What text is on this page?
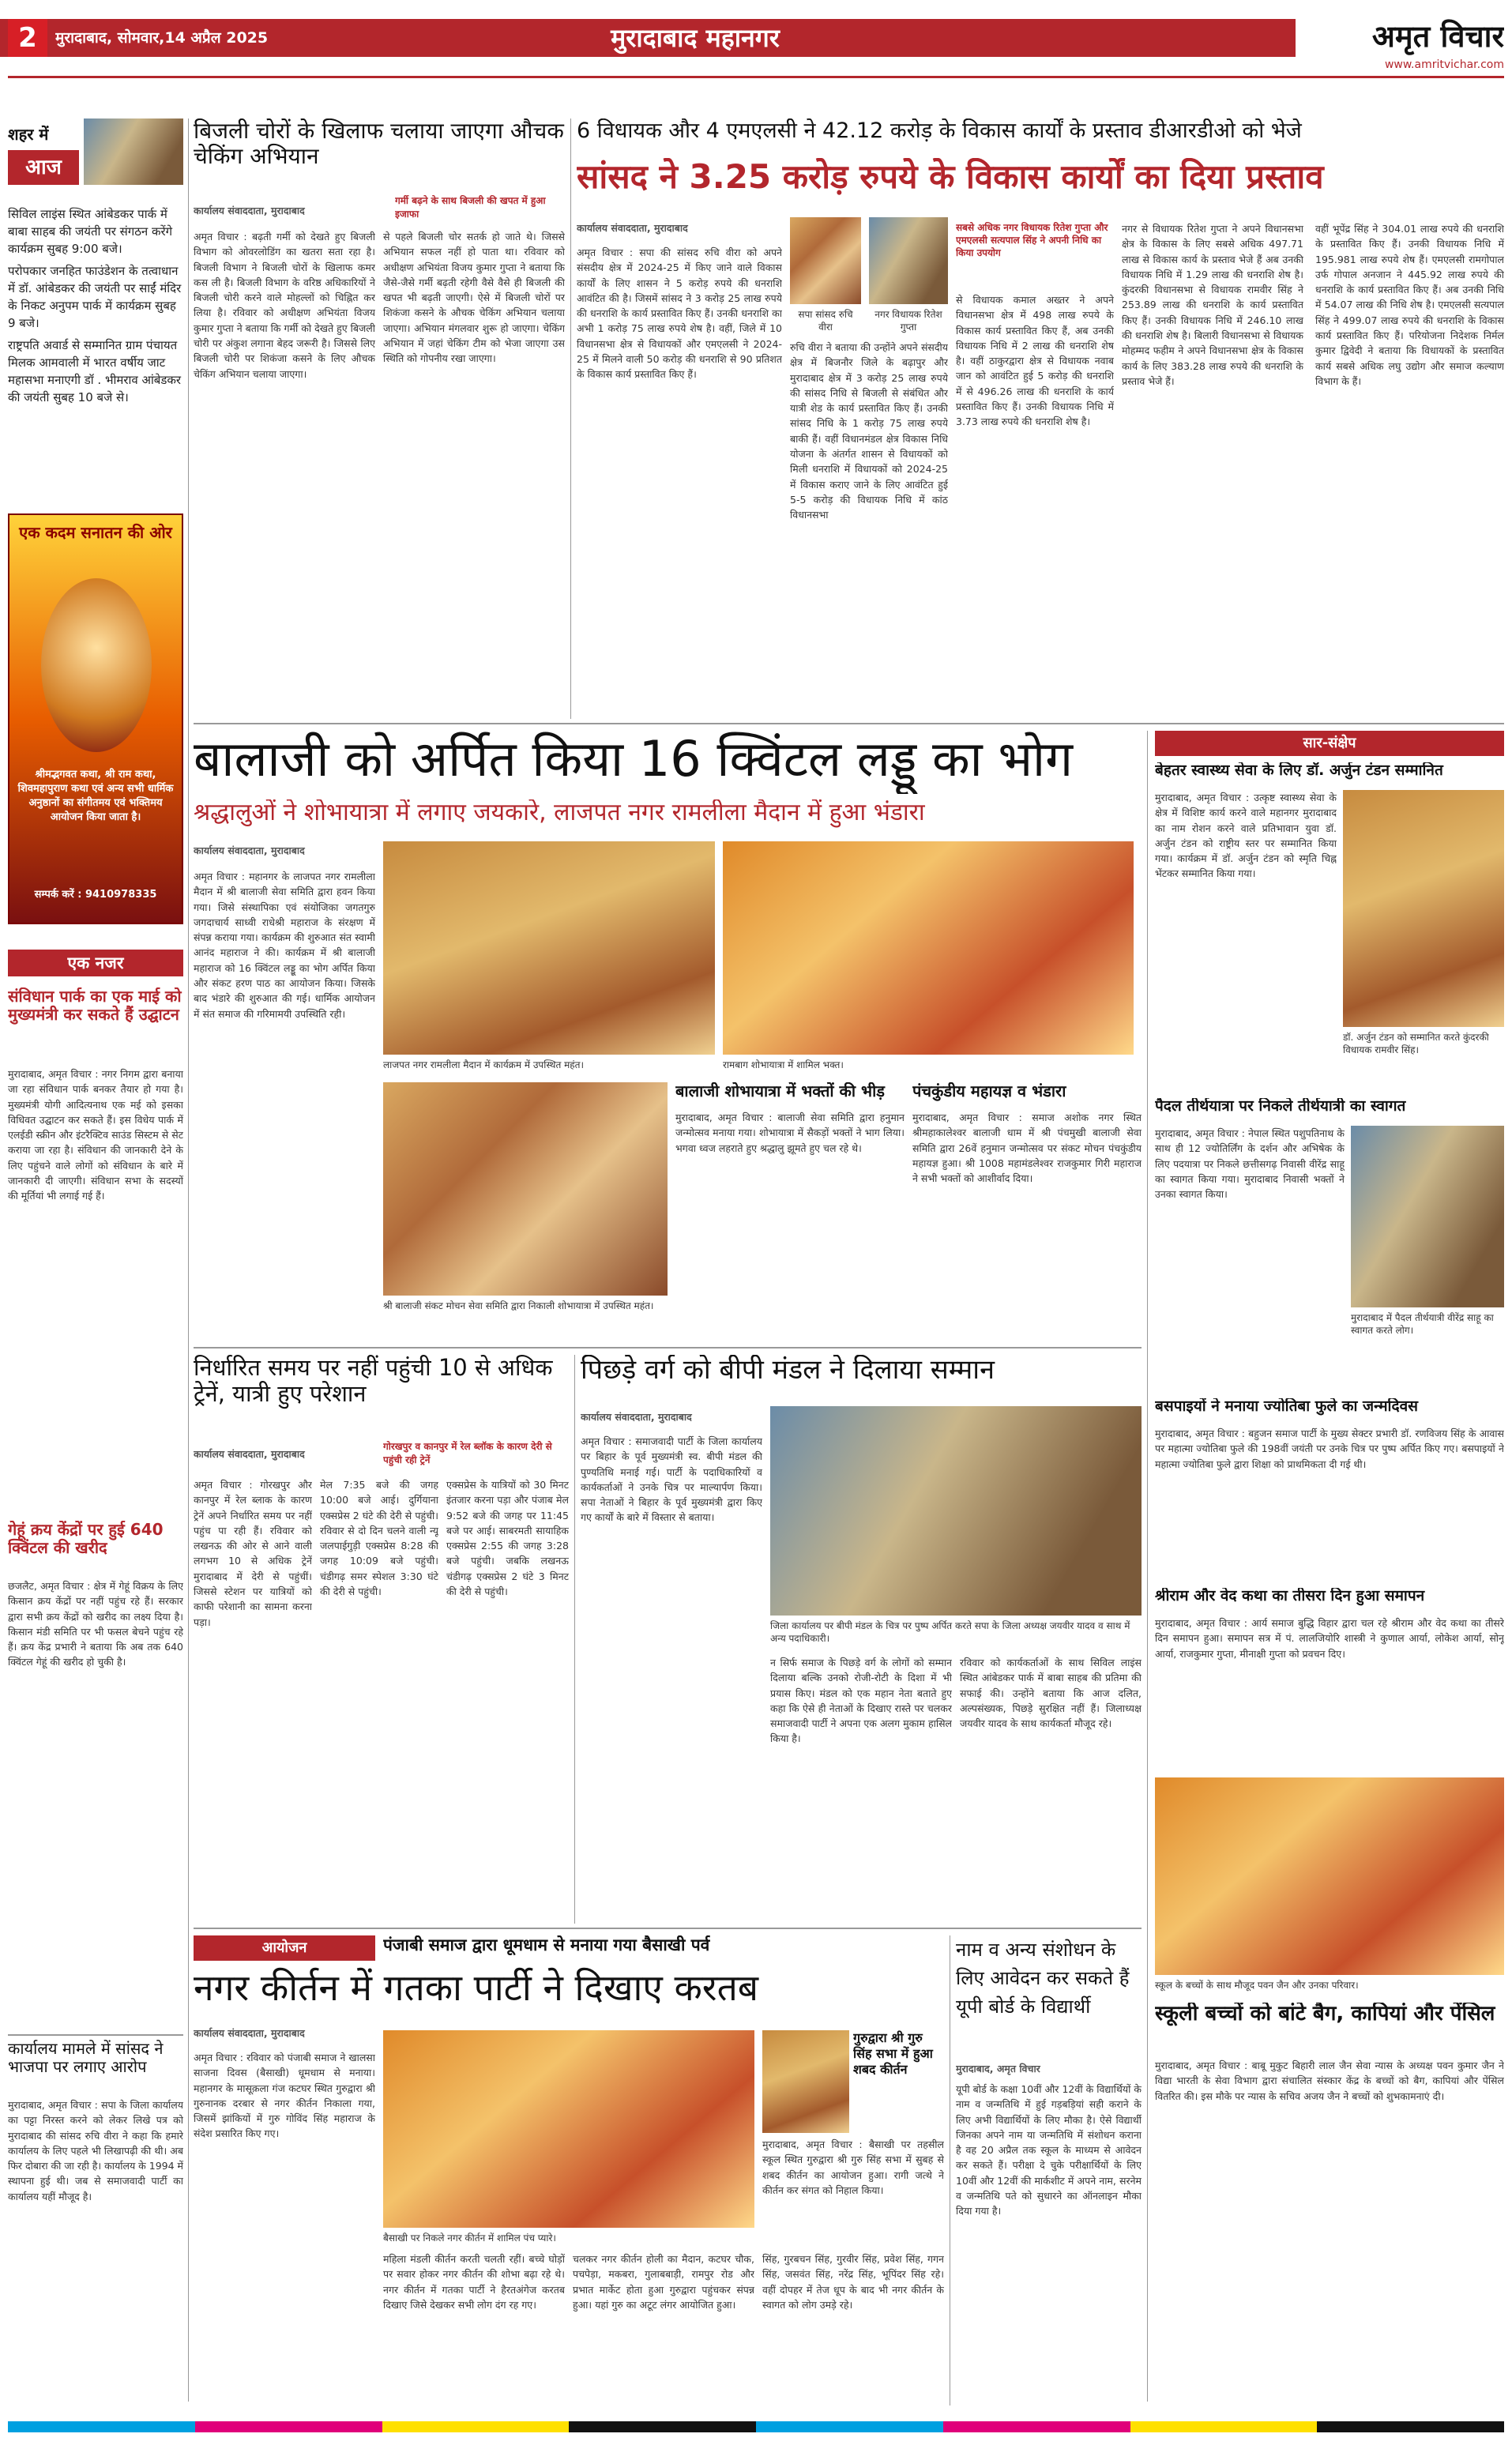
2	मुरादाबाद, सोमवार,14 अप्रैल 2025	मुरादाबाद महानगर	अमृत विचार
www.amritvichar.com
शहर में
आज
सिविल लाइंस स्थित आंबेडकर पार्क में बाबा साहब की जयंती पर संगठन करेंगे कार्यक्रम सुबह 9:00 बजे।
परोपकार जनहित फाउंडेशन के तत्वाधान में डॉ. आंबेडकर की जयंती पर साईं मंदिर के निकट अनुपम पार्क में कार्यक्रम सुबह 9 बजे।
राष्ट्रपति अवार्ड से सम्मानित ग्राम पंचायत मिलक आमवाली में भारत वर्षीय जाट महासभा मनाएगी डॉ . भीमराव आंबेडकर की जयंती सुबह 10 बजे से।
एक कदम सनातन की ओर
श्रीमद्भगवत कथा, श्री राम कथा, शिवमहापुराण कथा एवं अन्य सभी धार्मिक अनुष्ठानों का संगीतमय एवं भक्तिमय आयोजन किया जाता है।
सम्पर्क करें : 9410978335
एक नजर
संविधान पार्क का एक माई को मुख्यमंत्री कर सकते हैं उद्घाटन
मुरादाबाद, अमृत विचार : नगर निगम द्वारा बनाया जा रहा संविधान पार्क बनकर तैयार हो गया है। मुख्यमंत्री योगी आदित्यनाथ एक मई को इसका विधिवत उद्घाटन कर सकते हैं। इस विधेय पार्क में एलईडी स्क्रीन और इंटरैक्टिव साउंड सिस्टम से सेट कराया जा रहा है। संविधान की जानकारी देने के लिए पहुंचने वाले लोगों को संविधान के बारे में जानकारी दी जाएगी। संविधान सभा के सदस्यों की मूर्तियां भी लगाई गई हैं।
गेहूं क्रय केंद्रों पर हुई 640 क्विंटल की खरीद
छजलैट, अमृत विचार : क्षेत्र में गेहूं विक्रय के लिए किसान क्रय केंद्रों पर नहीं पहुंच रहे हैं। सरकार द्वारा सभी क्रय केंद्रों को खरीद का लक्ष्य दिया है। किसान मंडी समिति पर भी फसल बेचने पहुंच रहे हैं। क्रय केंद्र प्रभारी ने बताया कि अब तक 640 क्विंटल गेहूं की खरीद हो चुकी है।
कार्यालय मामले में सांसद ने भाजपा पर लगाए आरोप
मुरादाबाद, अमृत विचार : सपा के जिला कार्यालय का पट्टा निरस्त करने को लेकर लिखे पत्र को मुरादाबाद की सांसद रुचि वीरा ने कहा कि हमारे कार्यालय के लिए पहले भी लिखापढ़ी की थी। अब फिर दोबारा की जा रही है। कार्यालय के 1994 में स्थापना हुई थी। जब से समाजवादी पार्टी का कार्यालय यहीं मौजूद है।
बिजली चोरों के खिलाफ चलाया जाएगा औचक चेकिंग अभियान
गर्मी बढ़ने के साथ बिजली की खपत में हुआ इजाफा
कार्यालय संवाददाता, मुरादाबाद
अमृत विचार : बढ़ती गर्मी को देखते हुए बिजली विभाग को ओवरलोडिंग का खतरा सता रहा है। बिजली विभाग ने बिजली चोरों के खिलाफ कमर कस ली है। बिजली विभाग के वरिष्ठ अधिकारियों ने बिजली चोरी करने वाले मोहल्लों को चिह्नित कर लिया है। रविवार को अधीक्षण अभियंता विजय कुमार गुप्ता ने बताया कि गर्मी को देखते हुए बिजली चोरी पर अंकुश लगाना बेहद जरूरी है। जिससे लिए बिजली चोरी पर शिकंजा कसने के लिए औचक चेकिंग अभियान चलाया जाएगा।
से पहले बिजली चोर सतर्क हो जाते थे। जिससे अभियान सफल नहीं हो पाता था। रविवार को अधीक्षण अभियंता विजय कुमार गुप्ता ने बताया कि जैसे-जैसे गर्मी बढ़ती रहेगी वैसे वैसे ही बिजली की खपत भी बढ़ती जाएगी। ऐसे में बिजली चोरों पर शिकंजा कसने के औचक चेकिंग अभियान चलाया जाएगा। अभियान मंगलवार शुरू हो जाएगा। चेकिंग अभियान में जहां चेकिंग टीम को भेजा जाएगा उस स्थिति को गोपनीय रखा जाएगा।
6 विधायक और 4 एमएलसी ने 42.12 करोड़ के विकास कार्यों के प्रस्ताव डीआरडीओ को भेजे
सांसद ने 3.25 करोड़ रुपये के विकास कार्यों का दिया प्रस्ताव
कार्यालय संवाददाता, मुरादाबाद
सपा सांसद रुचि वीरा
नगर विधायक रितेश गुप्ता
सबसे अधिक नगर विधायक रितेश गुप्ता और एमएलसी सत्यपाल सिंह ने अपनी निधि का किया उपयोग
अमृत विचार : सपा की सांसद रुचि वीरा को अपने संसदीय क्षेत्र में 2024-25 में किए जाने वाले विकास कार्यों के लिए शासन ने 5 करोड़ रुपये की धनराशि आवंटित की है। जिसमें सांसद ने 3 करोड़ 25 लाख रुपये की धनराशि के कार्य प्रस्तावित किए हैं। उनकी धनराशि का अभी 1 करोड़ 75 लाख रुपये शेष है। वहीं, जिले में 10 विधानसभा क्षेत्र से विधायकों और एमएलसी ने 2024-25 में मिलने वाली 50 करोड़ की धनराशि से 90 प्रतिशत के विकास कार्य प्रस्तावित किए हैं।
रुचि वीरा ने बताया की उन्होंने अपने संसदीय क्षेत्र में बिजनौर जिले के बढ़ापुर और मुरादाबाद क्षेत्र में 3 करोड़ 25 लाख रुपये की सांसद निधि से बिजली से संबंधित और यात्री शेड के कार्य प्रस्तावित किए हैं। उनकी सांसद निधि के 1 करोड़ 75 लाख रुपये बाकी हैं। वहीं विधानमंडल क्षेत्र विकास निधि योजना के अंतर्गत शासन से विधायकों को मिली धनराशि में विधायकों को 2024-25 में विकास कराए जाने के लिए आवंटित हुई 5-5 करोड़ की विधायक निधि में कांठ विधानसभा
से विधायक कमाल अख्तर ने अपने विधानसभा क्षेत्र में 498 लाख रुपये के विकास कार्य प्रस्तावित किए हैं, अब उनकी विधायक निधि में 2 लाख की धनराशि शेष है। वहीं ठाकुरद्वारा क्षेत्र से विधायक नवाब जान को आवंटित हुई 5 करोड़ की धनराशि में से 496.26 लाख की धनराशि के कार्य प्रस्तावित किए हैं। उनकी विधायक निधि में 3.73 लाख रुपये की धनराशि शेष है।
नगर से विधायक रितेश गुप्ता ने अपने विधानसभा क्षेत्र के विकास के लिए सबसे अधिक 497.71 लाख से विकास कार्य के प्रस्ताव भेजे हैं अब उनकी विधायक निधि में 1.29 लाख की धनराशि शेष है। कुंदरकी विधानसभा से विधायक रामवीर सिंह ने 253.89 लाख की धनराशि के कार्य प्रस्तावित किए हैं। उनकी विधायक निधि में 246.10 लाख की धनराशि शेष है। बिलारी विधानसभा से विधायक मोहम्मद फहीम ने अपने विधानसभा क्षेत्र के विकास कार्य के लिए 383.28 लाख रुपये की धनराशि के प्रस्ताव भेजे हैं।
वहीं भूपेंद्र सिंह ने 304.01 लाख रुपये की धनराशि के प्रस्तावित किए हैं। उनकी विधायक निधि में 195.981 लाख रुपये शेष हैं। एमएलसी रामगोपाल उर्फ गोपाल अनजान ने 445.92 लाख रुपये की धनराशि के कार्य प्रस्तावित किए हैं। अब उनकी निधि में 54.07 लाख की निधि शेष है। एमएलसी सत्यपाल सिंह ने 499.07 लाख रुपये की धनराशि के विकास कार्य प्रस्तावित किए हैं। परियोजना निदेशक निर्मल कुमार द्विवेदी ने बताया कि विधायकों के प्रस्तावित कार्य सबसे अधिक लघु उद्योग और समाज कल्याण विभाग के हैं।
बालाजी को अर्पित किया 16 क्विंटल लड्डू का भोग
श्रद्धालुओं ने शोभायात्रा में लगाए जयकारे, लाजपत नगर रामलीला मैदान में हुआ भंडारा
कार्यालय संवाददाता, मुरादाबाद
अमृत विचार : महानगर के लाजपत नगर रामलीला मैदान में श्री बालाजी सेवा समिति द्वारा हवन किया गया। जिसे संस्थापिका एवं संयोजिका जगतगुरु जगदाचार्य साध्वी राधेश्री महाराज के संरक्षण में संपन्न कराया गया। कार्यक्रम की शुरुआत संत स्वामी आनंद महाराज ने की। कार्यक्रम में श्री बालाजी महाराज को 16 क्विंटल लड्डू का भोग अर्पित किया और संकट हरण पाठ का आयोजन किया। जिसके बाद भंडारे की शुरुआत की गई। धार्मिक आयोजन में संत समाज की गरिमामयी उपस्थिति रही।
लाजपत नगर रामलीला मैदान में कार्यक्रम में उपस्थित महंत।	रामबाग शोभायात्रा में शामिल भक्त।
श्री बालाजी संकट मोचन सेवा समिति द्वारा निकाली शोभायात्रा में उपस्थित महंत।
बालाजी शोभायात्रा में भक्तों की भीड़
मुरादाबाद, अमृत विचार : बालाजी सेवा समिति द्वारा हनुमान जन्मोत्सव मनाया गया। शोभायात्रा में सैकड़ों भक्तों ने भाग लिया। भगवा ध्वज लहराते हुए श्रद्धालु झूमते हुए चल रहे थे।
पंचकुंडीय महायज्ञ व भंडारा
मुरादाबाद, अमृत विचार : समाज अशोक नगर स्थित श्रीमहाकालेश्वर बालाजी धाम में श्री पंचमुखी बालाजी सेवा समिति द्वारा 26वें हनुमान जन्मोत्सव पर संकट मोचन पंचकुंडीय महायज्ञ हुआ। श्री 1008 महामंडलेश्वर राजकुमार गिरी महाराज ने सभी भक्तों को आशीर्वाद दिया।
सार-संक्षेप
बेहतर स्वास्थ्य सेवा के लिए डॉ. अर्जुन टंडन सम्मानित
मुरादाबाद, अमृत विचार : उत्कृष्ट स्वास्थ्य सेवा के क्षेत्र में विशिष्ट कार्य करने वाले महानगर मुरादाबाद का नाम रोशन करने वाले प्रतिभावान युवा डॉ. अर्जुन टंडन को राष्ट्रीय स्तर पर सम्मानित किया गया। कार्यक्रम में डॉ. अर्जुन टंडन को स्मृति चिह्न भेंटकर सम्मानित किया गया।
डॉ. अर्जुन टंडन को सम्मानित करते कुंदरकी विधायक रामवीर सिंह।
पैदल तीर्थयात्रा पर निकले तीर्थयात्री का स्वागत
मुरादाबाद, अमृत विचार : नेपाल स्थित पशुपतिनाथ के साथ ही 12 ज्योतिर्लिंग के दर्शन और अभिषेक के लिए पदयात्रा पर निकले छत्तीसगढ़ निवासी वीरेंद्र साहू का स्वागत किया गया। मुरादाबाद निवासी भक्तों ने उनका स्वागत किया।
मुरादाबाद में पैदल तीर्थयात्री वीरेंद्र साहू का स्वागत करते लोग।
बसपाइयों ने मनाया ज्योतिबा फुले का जन्मदिवस
मुरादाबाद, अमृत विचार : बहुजन समाज पार्टी के मुख्य सेक्टर प्रभारी डॉ. रणविजय सिंह के आवास पर महात्मा ज्योतिबा फुले की 198वीं जयंती पर उनके चित्र पर पुष्प अर्पित किए गए। बसपाइयों ने महात्मा ज्योतिबा फुले द्वारा शिक्षा को प्राथमिकता दी गई थी।
श्रीराम और वेद कथा का तीसरा दिन हुआ समापन
मुरादाबाद, अमृत विचार : आर्य समाज बुद्धि विहार द्वारा चल रहे श्रीराम और वेद कथा का तीसरे दिन समापन हुआ। समापन सत्र में पं. लालजियोरि शास्त्री ने कुणाल आर्या, लोकेश आर्या, सोनू आर्या, राजकुमार गुप्ता, मीनाक्षी गुप्ता को प्रवचन दिए।
स्कूल के बच्चों के साथ मौजूद पवन जैन और उनका परिवार।
स्कूली बच्चों को बांटे बैग, कापियां और पेंसिल
मुरादाबाद, अमृत विचार : बाबू मुकुट बिहारी लाल जैन सेवा न्यास के अध्यक्ष पवन कुमार जैन ने विद्या भारती के सेवा विभाग द्वारा संचालित संस्कार केंद्र के बच्चों को बैग, कापियां और पेंसिल वितरित की। इस मौके पर न्यास के सचिव अजय जैन ने बच्चों को शुभकामनाएं दी।
निर्धारित समय पर नहीं पहुंची 10 से अधिक ट्रेनें, यात्री हुए परेशान
गोरखपुर व कानपुर में रेल ब्लॉक के कारण देरी से पहुंची रही ट्रेनें
कार्यालय संवाददाता, मुरादाबाद
अमृत विचार : गोरखपुर और कानपुर में रेल ब्लाक के कारण ट्रेनें अपने निर्धारित समय पर नहीं पहुंच पा रही हैं। रविवार को लखनऊ की ओर से आने वाली लगभग 10 से अधिक ट्रेनें मुरादाबाद में देरी से पहुंचीं। जिससे स्टेशन पर यात्रियों को काफी परेशानी का सामना करना पड़ा।
मेल 7:35 बजे की जगह 10:00 बजे आई। दुर्गियाना एक्सप्रेस 2 घंटे की देरी से पहुंची। रविवार से दो दिन चलने वाली न्यू जलपाईगुड़ी एक्सप्रेस 8:28 की जगह 10:09 बजे पहुंची। चंडीगढ़ समर स्पेशल 3:30 घंटे की देरी से पहुंची।
एक्सप्रेस के यात्रियों को 30 मिनट इंतजार करना पड़ा और पंजाब मेल 9:52 बजे की जगह पर 11:45 बजे पर आई। साबरमती सायाहिक एक्सप्रेस 2:55 की जगह 3:28 बजे पहुंची। जबकि लखनऊ चंडीगढ़ एक्सप्रेस 2 घंटे 3 मिनट की देरी से पहुंची।
पिछड़े वर्ग को बीपी मंडल ने दिलाया सम्मान
कार्यालय संवाददाता, मुरादाबाद
अमृत विचार : समाजवादी पार्टी के जिला कार्यालय पर बिहार के पूर्व मुख्यमंत्री स्व. बीपी मंडल की पुण्यतिथि मनाई गई। पार्टी के पदाधिकारियों व कार्यकर्ताओं ने उनके चित्र पर माल्यार्पण किया। सपा नेताओं ने बिहार के पूर्व मुख्यमंत्री द्वारा किए गए कार्यों के बारे में विस्तार से बताया।
जिला कार्यालय पर बीपी मंडल के चित्र पर पुष्प अर्पित करते सपा के जिला अध्यक्ष जयवीर यादव व साथ में अन्य पदाधिकारी।
न सिर्फ समाज के पिछड़े वर्ग के लोगों को सम्मान दिलाया बल्कि उनको रोजी-रोटी के दिशा में भी प्रयास किए। मंडल को एक महान नेता बताते हुए कहा कि ऐसे ही नेताओं के दिखाए रास्ते पर चलकर समाजवादी पार्टी ने अपना एक अलग मुकाम हासिल किया है।
रविवार को कार्यकर्ताओं के साथ सिविल लाइंस स्थित आंबेडकर पार्क में बाबा साहब की प्रतिमा की सफाई की। उन्होंने बताया कि आज दलित, अल्पसंख्यक, पिछड़े सुरक्षित नहीं हैं। जिलाध्यक्ष जयवीर यादव के साथ कार्यकर्ता मौजूद रहे।
आयोजन	पंजाबी समाज द्वारा धूमधाम से मनाया गया बैसाखी पर्व
नगर कीर्तन में गतका पार्टी ने दिखाए करतब
कार्यालय संवाददाता, मुरादाबाद
अमृत विचार : रविवार को पंजाबी समाज ने खालसा साजना दिवस (बैसाखी) धूमधाम से मनाया। महानगर के मासूक़ला गंज कटघर स्थित गुरुद्वारा श्री गुरुनानक दरबार से नगर कीर्तन निकाला गया, जिसमें झांकियों में गुरु गोविंद सिंह महाराज के संदेश प्रसारित किए गए।
बैसाखी पर निकले नगर कीर्तन में शामिल पंच प्यारे।
महिला मंडली कीर्तन करती चलती रहीं। बच्चे घोड़ों पर सवार होकर नगर कीर्तन की शोभा बढ़ा रहे थे। नगर कीर्तन में गतका पार्टी ने हैरतअंगेज करतब दिखाए जिसे देखकर सभी लोग दंग रह गए।
चलकर नगर कीर्तन होली का मैदान, कटघर चौक, पचपेड़ा, मकबरा, गुलाबबाड़ी, रामपुर रोड और प्रभात मार्केट होता हुआ गुरुद्वारा पहुंचकर संपन्न हुआ। यहां गुरु का अटूट लंगर आयोजित हुआ।
गुरुद्वारा श्री गुरु सिंह सभा में हुआ शबद कीर्तन
मुरादाबाद, अमृत विचार : बैसाखी पर तहसील स्कूल स्थित गुरुद्वारा श्री गुरु सिंह सभा में सुबह से शबद कीर्तन का आयोजन हुआ। रागी जत्थे ने कीर्तन कर संगत को निहाल किया।
सिंह, गुरबचन सिंह, गुरवीर सिंह, प्रवेश सिंह, गगन सिंह, जसवंत सिंह, नरेंद्र सिंह, भूपिंदर सिंह रहे। वहीं दोपहर में तेज धूप के बाद भी नगर कीर्तन के स्वागत को लोग उमड़े रहे।
नाम व अन्य संशोधन के लिए आवेदन कर सकते हैं यूपी बोर्ड के विद्यार्थी
मुरादाबाद, अमृत विचार
यूपी बोर्ड के कक्षा 10वीं और 12वीं के विद्यार्थियों के नाम व जन्मतिथि में हुई गड़बड़ियां सही कराने के लिए अभी विद्यार्थियों के लिए मौका है। ऐसे विद्यार्थी जिनका अपने नाम या जन्मतिथि में संशोधन कराना है वह 20 अप्रैल तक स्कूल के माध्यम से आवेदन कर सकते हैं। परीक्षा दे चुके परीक्षार्थियों के लिए 10वीं और 12वीं की मार्कशीट में अपने नाम, सरनेम व जन्मतिथि पते को सुधारने का ऑनलाइन मौका दिया गया है।
